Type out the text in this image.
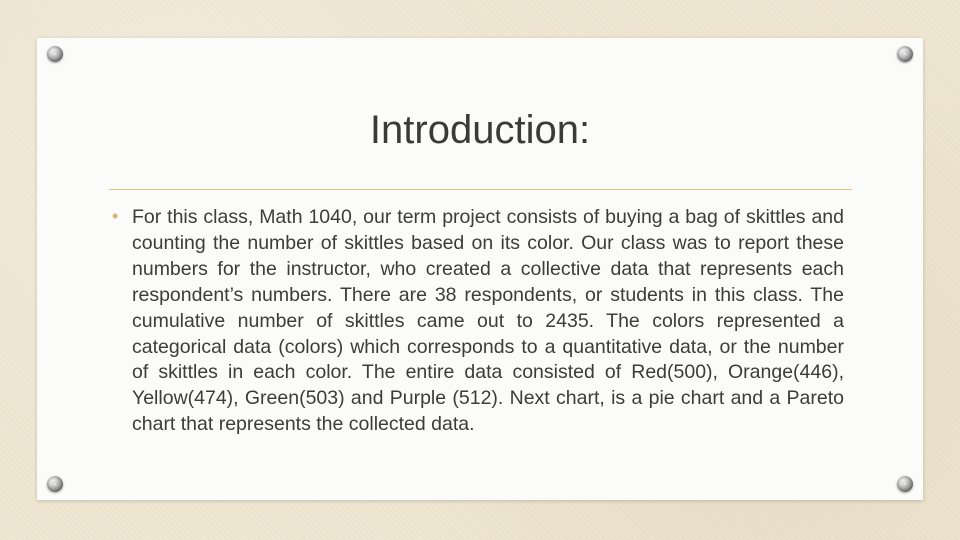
Introduction:
• For this class, Math 1040, our term project consists of buying a bag of skittles and counting the number of skittles based on its color. Our class was to report these numbers for the instructor, who created a collective data that represents each respondent’s numbers. There are 38 respondents, or students in this class. The cumulative number of skittles came out to 2435. The colors represented a categorical data (colors) which corresponds to a quantitative data, or the number of skittles in each color. The entire data consisted of Red(500), Orange(446), Yellow(474), Green(503) and Purple (512). Next chart, is a pie chart and a Pareto chart that represents the collected data.
